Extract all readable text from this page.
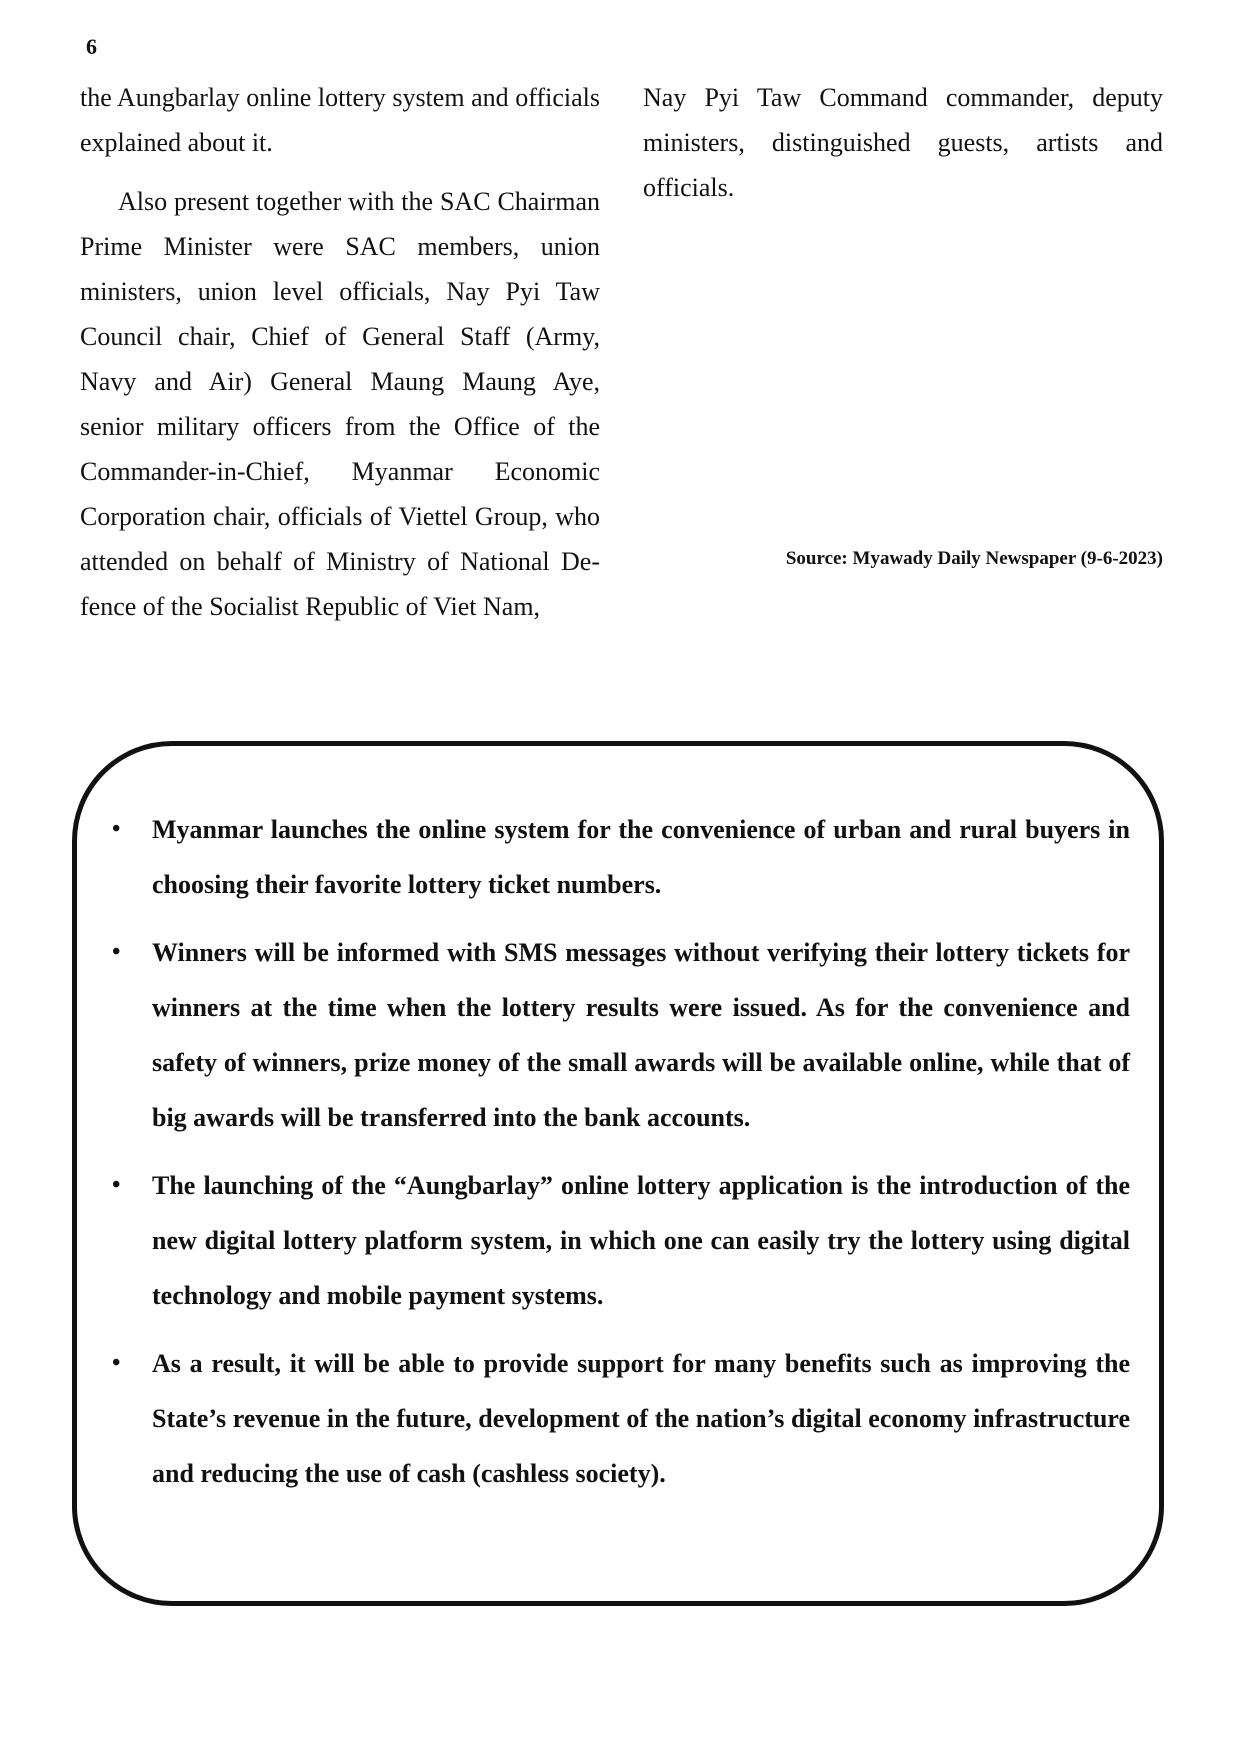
6

the Aungbarlay online lottery system and officials explained about it.

Also present together with the SAC Chairman Prime Minister were SAC members, union ministers, union level officials, Nay Pyi Taw Council chair, Chief of General Staff (Army, Navy and Air) General Maung Maung Aye, senior military officers from the Office of the Commander-in-Chief, Myanmar Economic Corporation chair, officials of Viettel Group, who attended on behalf of Ministry of National Defence of the Socialist Republic of Viet Nam,

Nay Pyi Taw Command commander, deputy ministers, distinguished guests, artists and officials.

Source: Myawady Daily Newspaper (9-6-2023)
• Myanmar launches the online system for the convenience of urban and rural buyers in choosing their favorite lottery ticket numbers.
• Winners will be informed with SMS messages without verifying their lottery tickets for winners at the time when the lottery results were issued. As for the convenience and safety of winners, prize money of the small awards will be available online, while that of big awards will be transferred into the bank accounts.
• The launching of the “Aungbarlay” online lottery application is the introduction of the new digital lottery platform system, in which one can easily try the lottery using digital technology and mobile payment systems.
• As a result, it will be able to provide support for many benefits such as improving the State’s revenue in the future, development of the nation’s digital economy infrastructure and reducing the use of cash (cashless society).
